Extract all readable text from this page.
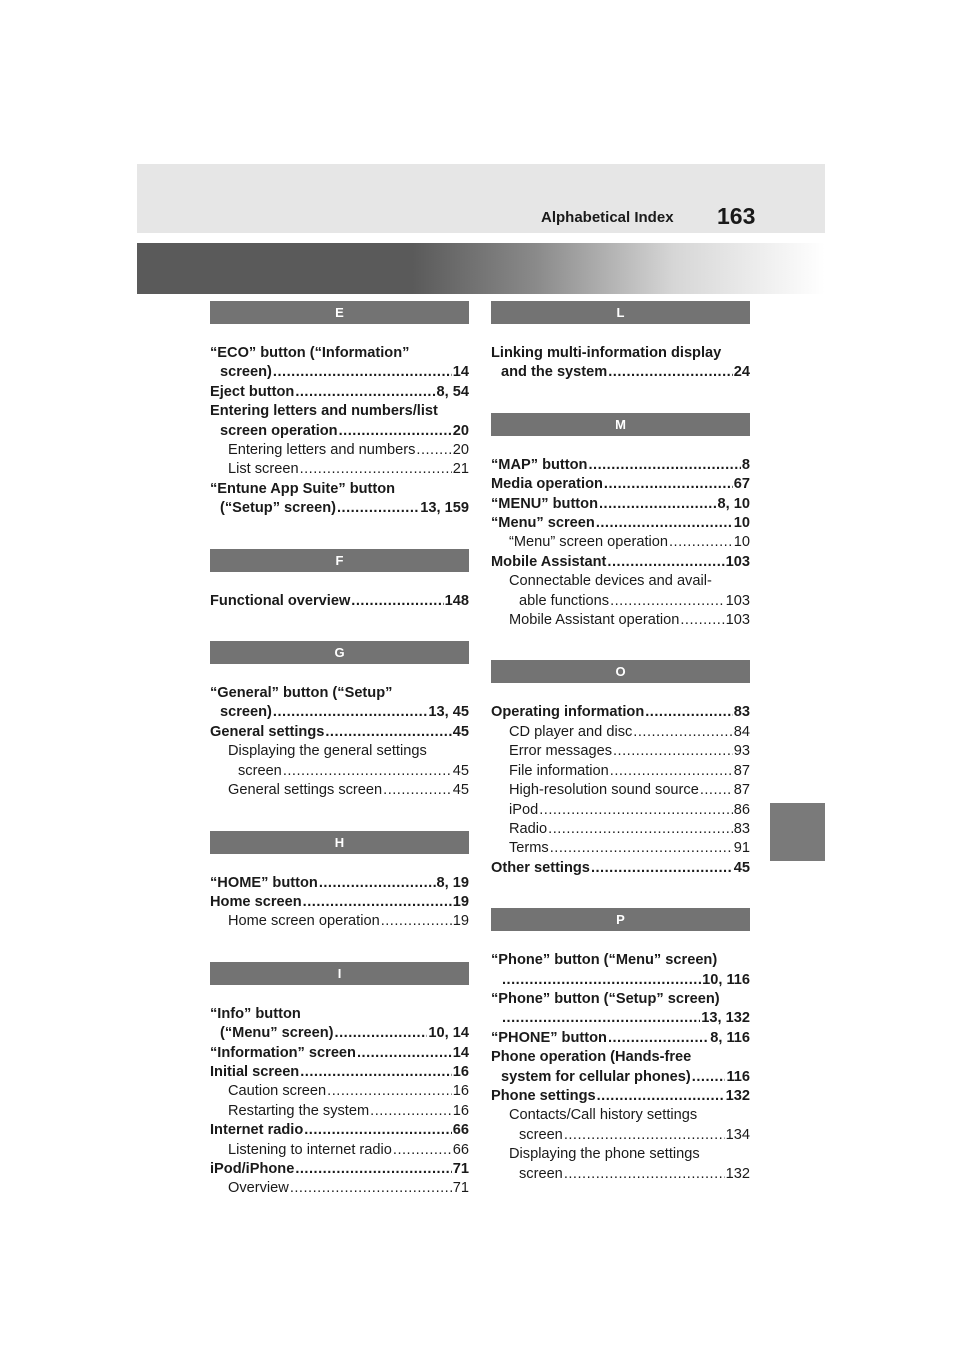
Alphabetical Index 163
E
“ECO” button (“Information”
screen) .....	14
Eject button .....	8, 54
Entering letters and numbers/list
screen operation .....	20
Entering letters and numbers .....	20
List screen .....	21
“Entune App Suite” button
(“Setup” screen) .....	13, 159
F
Functional overview .....	148
G
“General” button (“Setup”
screen) .....	13, 45
General settings .....	45
Displaying the general settings
screen .....	45
General settings screen .....	45
H
“HOME” button .....	8, 19
Home screen .....	19
Home screen operation .....	19
I
“Info” button
(“Menu” screen) .....	10, 14
“Information” screen .....	14
Initial screen .....	16
Caution screen .....	16
Restarting the system .....	16
Internet radio .....	66
Listening to internet radio .....	66
iPod/iPhone .....	71
Overview .....	71
L
Linking multi-information display
and the system .....	24
M
“MAP” button .....	8
Media operation .....	67
“MENU” button .....	8, 10
“Menu” screen .....	10
“Menu” screen operation .....	10
Mobile Assistant .....	103
Connectable devices and avail-
able functions .....	103
Mobile Assistant operation .....	103
O
Operating information .....	83
CD player and disc .....	84
Error messages .....	93
File information .....	87
High-resolution sound source ..... 87
iPod .....	86
Radio .....	83
Terms .....	91
Other settings .....	45
P
“Phone” button (“Menu” screen)
.....
10, 116
“Phone” button (“Setup” screen)
.....
13, 132
“PHONE” button .....	8, 116
Phone operation (Hands-free
system for cellular phones) ..... 116
Phone settings .....	132
Contacts/Call history settings
screen .....	134
Displaying the phone settings
screen .....	132
